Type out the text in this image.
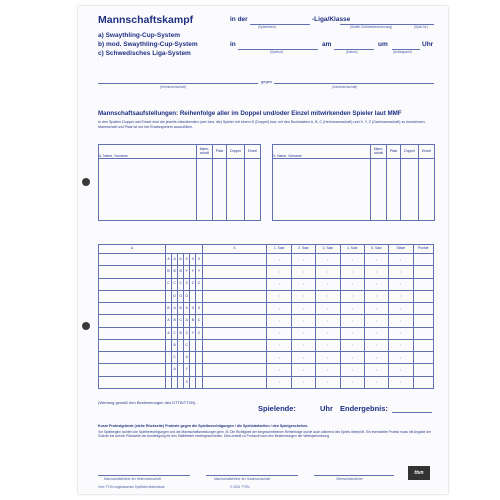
Mannschaftskampf	in der	-Liga/Klasse
(Spielebene)	(Staffel-/Gebietsbezeichnung)	(Spiel-Nr.)
a) Swaythling-Cup-System
b) mod. Swaythling-Cup-System
c) Schwedisches Liga-System
in	am	um	Uhr
(Spielort)	(Datum)	(Anfangszeit)
gegen
(Heimmannschaft)	(Gastmannschaft)
Mannschaftsaufstellungen: Reihenfolge aller im Doppel und/oder Einzel mitwirkenden Spieler laut MMF
In den Spalten Doppel und Einzel sind die jeweils mitwirkenden (wer bzw. die) Spieler mit einem D (Doppel) bzw. mit den Buchstaben A, B, C (Heimmannschaft) und X, Y, Z (Gastmannschaft) zu bezeichnen. Mannschaft und Platz ist nur bei Ersatzspielern auszufüllen.
A, Name, Vorname	Mann-schaft	Platz	Doppel	Einzel

X, Name, Vorname	Mann-schaft	Platz	Doppel	Einzel

A							X	1. Satz	2. Satz	3. Satz	4. Satz	5. Satz	Sätze	Punkte
	A	A	A	X	X	X		:	:	:	:	:	:	
	B	B	B	Y	Y	Y		:	:	:	:	:	:	
	C	C	C	Z	Z	Z		:	:	:	:	:	:	
		D	D	D				:	:	:	:	:	:	
	B	A	B	X	X	X		:	:	:	:	:	:	
	A	B	C	A	B	C		:	:	:	:	:	:	
	A	C	B	Z	Y	Z		:	:	:	:	:	:	
		B		C				:	:	:	:	:	:	
		C		A				:	:	:	:	:	:	
		A		Y				:	:	:	:	:	:	
				X				:	:	:	:	:	:	
(Wertung gemäß den Bestimmungen des DTTB/TTVN)
Spielende:	Uhr Endergebnis:
Kurze Protestgründe (siehe Rückseite) Proteste gegen die Spielberechtigungen / die Spielstartzeiten / den Spielgeschehen.
Vor Spielbeginn sichten die Spielberechtigungen und die Mannschaftsmeldungen gem. M. Die Richtigkeit der eingeschriebenen Reihenfolge wurde auch während des Spiels überprüft. Ein eventueller Protest muss mit Angabe der Gründe bis auf der Rückseite der Ausfertigung für den Staffelleiter niedergeschrieben. Dies erstellt zu Protokoll nach den Bestimmungen der Wettspielordnung.
Mannschaftsführer der Heimmannschaft	Mannschaftsführer der Gastmannschaft	Oberschiedsrichter
Vom TTVN zugelassenes Spielberichtsformular	© 2001 TTVN
ttvn
